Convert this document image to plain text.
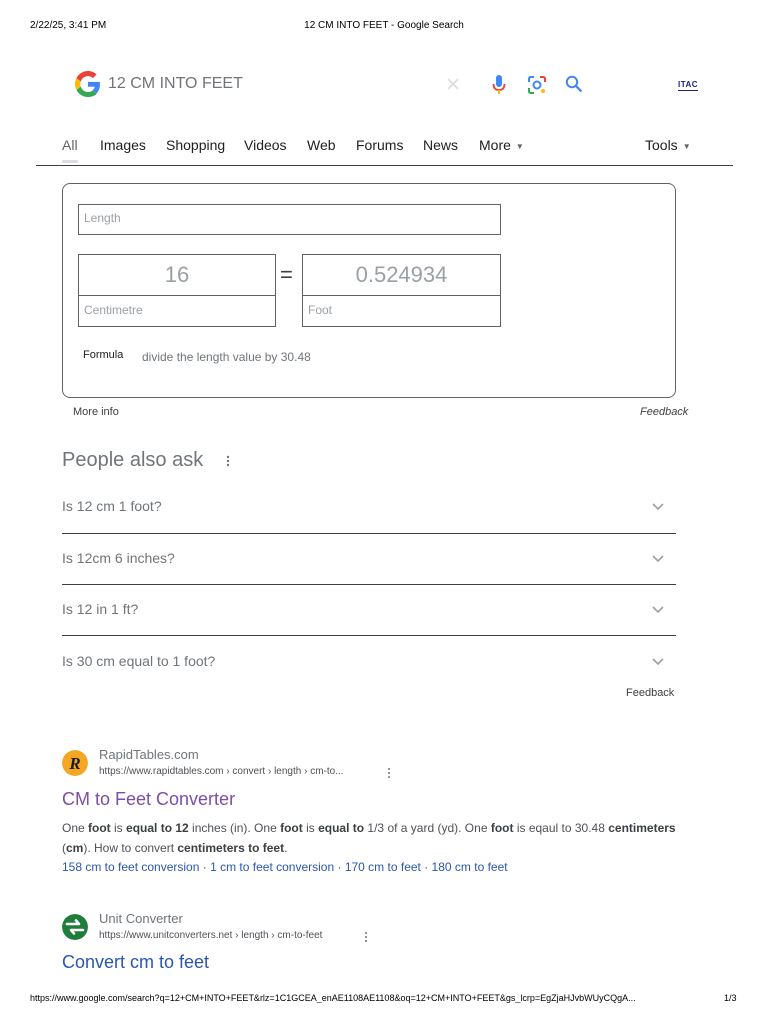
2/22/25, 3:41 PM	12 CM INTO FEET - Google Search
12 CM INTO FEET	ITAC
All Images Shopping Videos Web Forums News More ▼	Tools ▼
Length
16	=	0.524934
Centimetre	Foot
Formula divide the length value by 30.48
More info	Feedback
People also ask
Is 12 cm 1 foot?
Is 12cm 6 inches?
Is 12 in 1 ft?
Is 30 cm equal to 1 foot?
Feedback
R RapidTables.com
https://www.rapidtables.com › convert › length › cm-to...
CM to Feet Converter
One foot is equal to 12 inches (in). One foot is equal to 1/3 of a yard (yd). One foot is eqaul to 30.48 centimeters (cm). How to convert centimeters to feet.
158 cm to feet conversion · 1 cm to feet conversion · 170 cm to feet · 180 cm to feet
Unit Converter
https://www.unitconverters.net › length › cm-to-feet
Convert cm to feet
https://www.google.com/search?q=12+CM+INTO+FEET&rlz=1C1GCEA_enAE1108AE1108&oq=12+CM+INTO+FEET&gs_lcrp=EgZjaHJvbWUyCQgA...	1/3
